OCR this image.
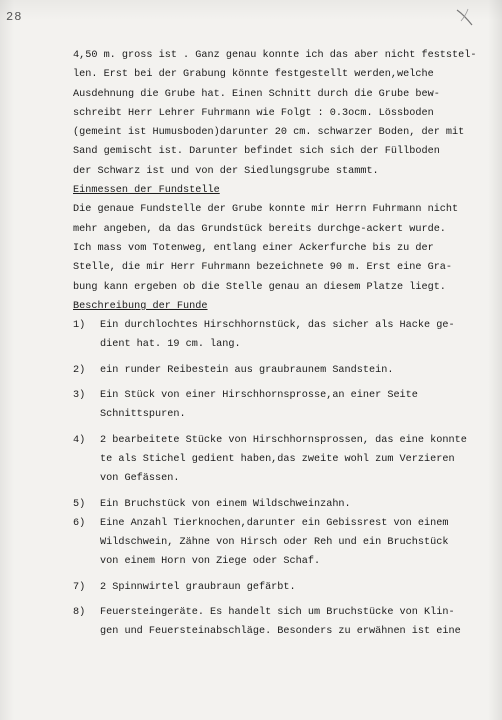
28
4,50 m. gross ist . Ganz genau konnte ich das aber nicht feststel-
len. Erst bei der Grabung könnte festgestellt werden,welche
Ausdehnung die Grube hat. Einen Schnitt durch die Grube bew-
schreibt Herr Lehrer Fuhrmann wie Folgt : 0.3ocm. Lössboden
(gemeint ist Humusboden)darunter 20 cm. schwarzer Boden, der mit
Sand gemischt ist. Darunter befindet sich sich der Füllboden
der Schwarz ist und von der Siedlungsgrube stammt.
Einmessen der Fundstelle
Die genaue Fundstelle der Grube konnte mir Herrn Fuhrmann nicht
mehr angeben, da das Grundstück bereits durchge-ackert wurde.
Ich mass vom Totenweg, entlang einer Ackerfurche bis zu der
Stelle, die mir Herr Fuhrmann bezeichnete 90 m. Erst eine Gra-
bung kann ergeben ob die Stelle genau an diesem Platze liegt.
Beschreibung der Funde
1)	Ein durchlochtes Hirschhornstück, das sicher als Hacke ge-
dient hat. 19 cm. lang.
2)	ein runder Reibestein aus graubraunem Sandstein.
3)	Ein Stück von einer Hirschhornsprosse,an einer Seite
Schnittspuren.
4)	2 bearbeitete Stücke von Hirschhornsprossen, das eine konnte
te als Stichel gedient haben,das zweite wohl zum Verzieren
von Gefässen.
5)	Ein Bruchstück von einem Wildschweinzahn.
6)	Eine Anzahl Tierknochen,darunter ein Gebissrest von einem
Wildschwein, Zähne von Hirsch oder Reh und ein Bruchstück
von einem Horn von Ziege oder Schaf.
7)	2 Spinnwirtel graubraun gefärbt.
8)	Feuersteingeräte. Es handelt sich um Bruchstücke von Klin-
gen und Feuersteinabschläge. Besonders zu erwähnen ist eine
